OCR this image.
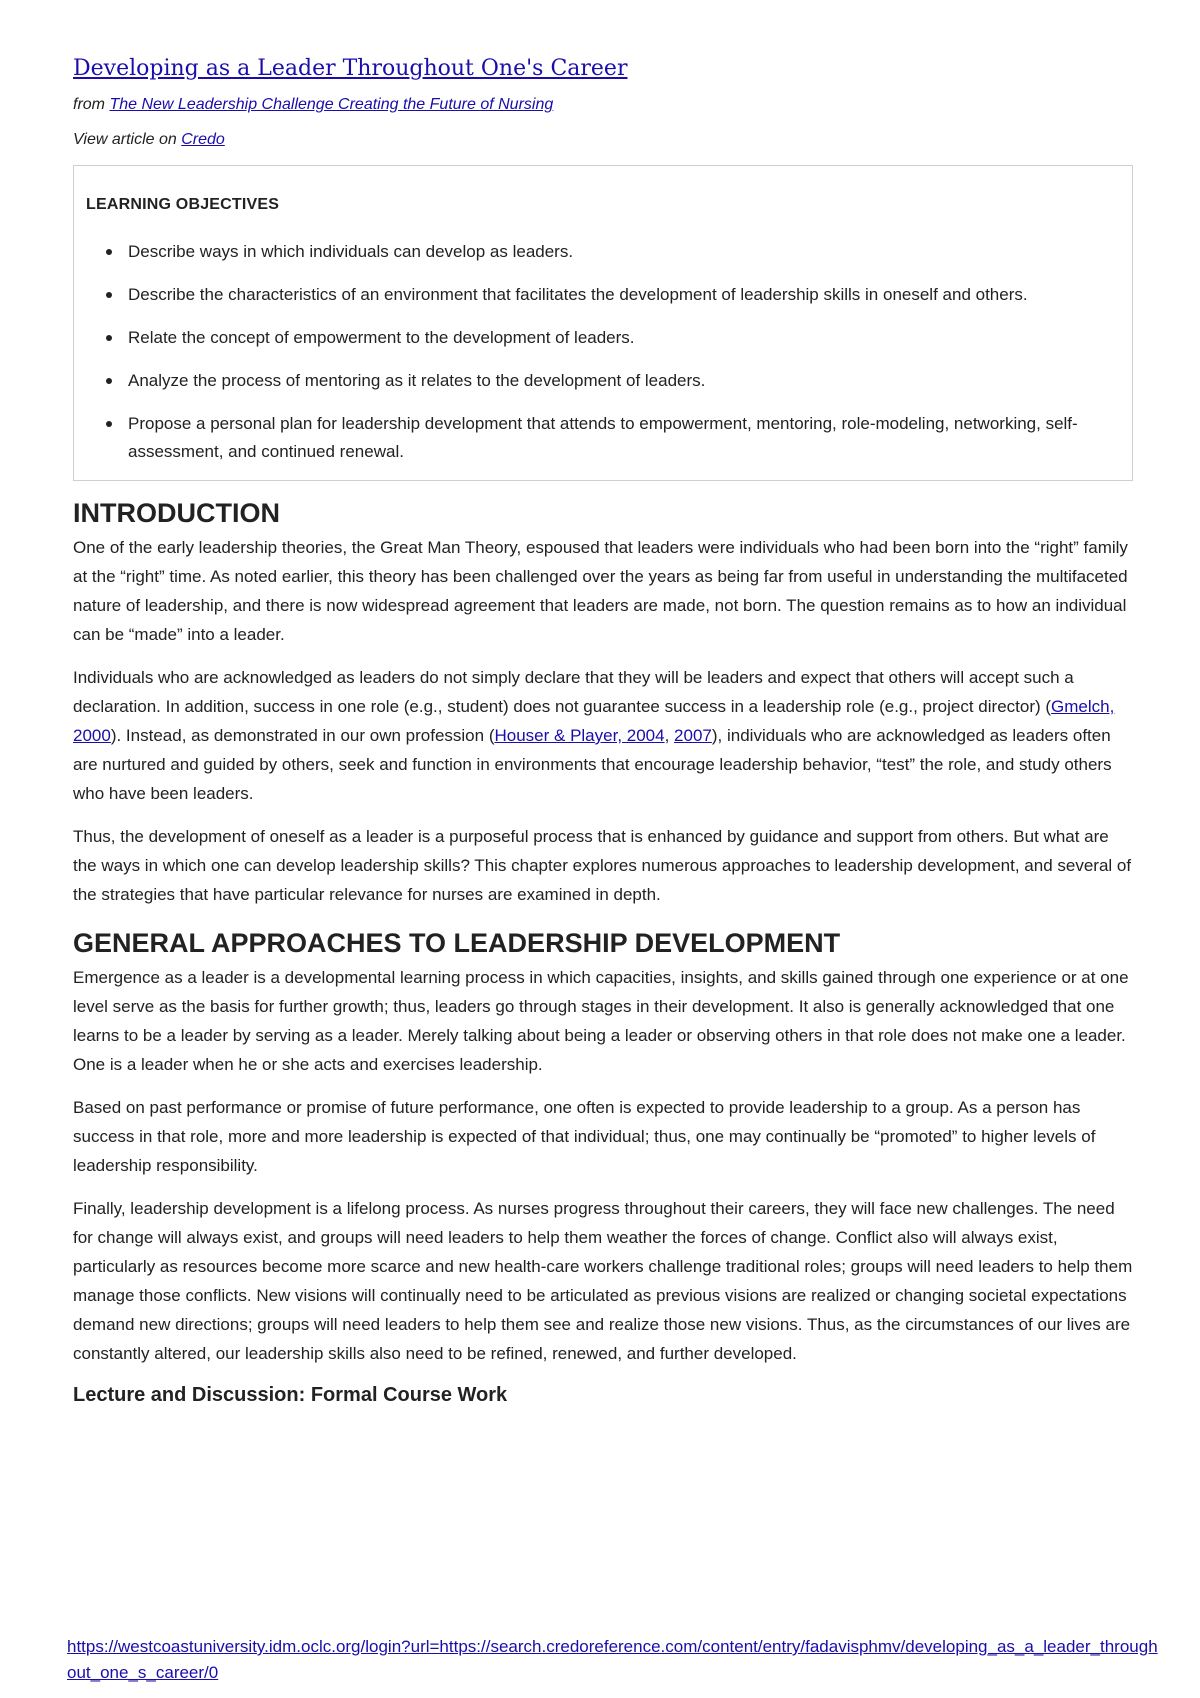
Developing as a Leader Throughout One's Career
from The New Leadership Challenge Creating the Future of Nursing
View article on Credo
LEARNING OBJECTIVES
Describe ways in which individuals can develop as leaders.
Describe the characteristics of an environment that facilitates the development of leadership skills in oneself and others.
Relate the concept of empowerment to the development of leaders.
Analyze the process of mentoring as it relates to the development of leaders.
Propose a personal plan for leadership development that attends to empowerment, mentoring, role-modeling, networking, self-assessment, and continued renewal.
INTRODUCTION

One of the early leadership theories, the Great Man Theory, espoused that leaders were individuals who had been born into the “right” family at the “right” time. As noted earlier, this theory has been challenged over the years as being far from useful in understanding the multifaceted nature of leadership, and there is now widespread agreement that leaders are made, not born. The question remains as to how an individual can be “made” into a leader.

Individuals who are acknowledged as leaders do not simply declare that they will be leaders and expect that others will accept such a declaration. In addition, success in one role (e.g., student) does not guarantee success in a leadership role (e.g., project director) (Gmelch, 2000). Instead, as demonstrated in our own profession (Houser & Player, 2004, 2007), individuals who are acknowledged as leaders often are nurtured and guided by others, seek and function in environments that encourage leadership behavior, “test” the role, and study others who have been leaders.

Thus, the development of oneself as a leader is a purposeful process that is enhanced by guidance and support from others. But what are the ways in which one can develop leadership skills? This chapter explores numerous approaches to leadership development, and several of the strategies that have particular relevance for nurses are examined in depth.

GENERAL APPROACHES TO LEADERSHIP DEVELOPMENT

Emergence as a leader is a developmental learning process in which capacities, insights, and skills gained through one experience or at one level serve as the basis for further growth; thus, leaders go through stages in their development. It also is generally acknowledged that one learns to be a leader by serving as a leader. Merely talking about being a leader or observing others in that role does not make one a leader. One is a leader when he or she acts and exercises leadership.

Based on past performance or promise of future performance, one often is expected to provide leadership to a group. As a person has success in that role, more and more leadership is expected of that individual; thus, one may continually be “promoted” to higher levels of leadership responsibility.

Finally, leadership development is a lifelong process. As nurses progress throughout their careers, they will face new challenges. The need for change will always exist, and groups will need leaders to help them weather the forces of change. Conflict also will always exist, particularly as resources become more scarce and new health-care workers challenge traditional roles; groups will need leaders to help them manage those conflicts. New visions will continually need to be articulated as previous visions are realized or changing societal expectations demand new directions; groups will need leaders to help them see and realize those new visions. Thus, as the circumstances of our lives are constantly altered, our leadership skills also need to be refined, renewed, and further developed.

Lecture and Discussion: Formal Course Work
https://westcoastuniversity.idm.oclc.org/login?url=https://search.credoreference.com/content/entry/fadavisphmv/developing_as_a_leader_throughout_one_s_career/0
